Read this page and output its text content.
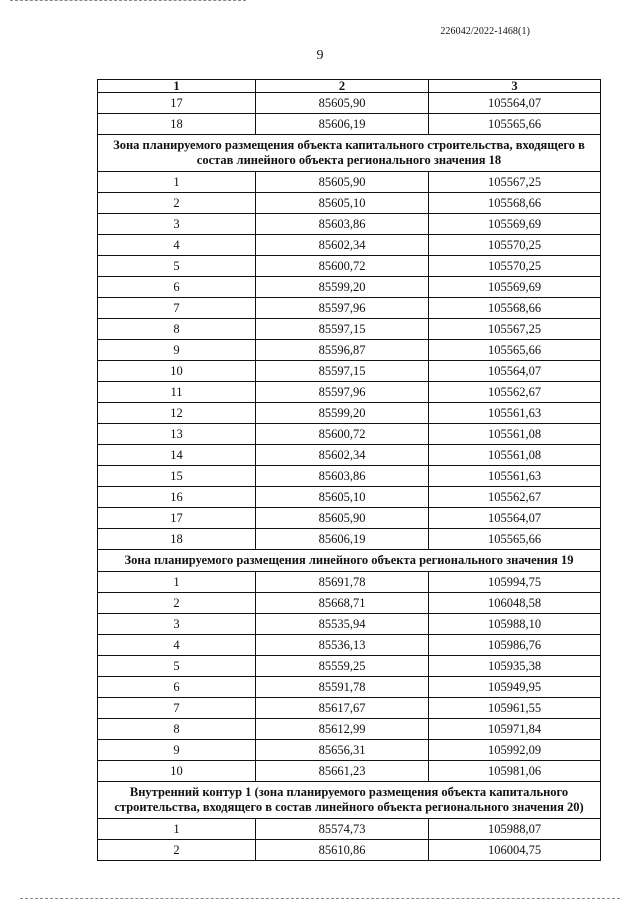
226042/2022-1468(1)
9
1	2	3
17	85605,90	105564,07
18	85606,19	105565,66
Зона планируемого размещения объекта капитального строительства, входящего в состав линейного объекта регионального значения 18		
1	85605,90	105567,25
2	85605,10	105568,66
3	85603,86	105569,69
4	85602,34	105570,25
5	85600,72	105570,25
6	85599,20	105569,69
7	85597,96	105568,66
8	85597,15	105567,25
9	85596,87	105565,66
10	85597,15	105564,07
11	85597,96	105562,67
12	85599,20	105561,63
13	85600,72	105561,08
14	85602,34	105561,08
15	85603,86	105561,63
16	85605,10	105562,67
17	85605,90	105564,07
18	85606,19	105565,66
Зона планируемого размещения линейного объекта регионального значения 19		
1	85691,78	105994,75
2	85668,71	106048,58
3	85535,94	105988,10
4	85536,13	105986,76
5	85559,25	105935,38
6	85591,78	105949,95
7	85617,67	105961,55
8	85612,99	105971,84
9	85656,31	105992,09
10	85661,23	105981,06
Внутренний контур 1 (зона планируемого размещения объекта капитального строительства, входящего в состав линейного объекта регионального значения 20)		
1	85574,73	105988,07
2	85610,86	106004,75
